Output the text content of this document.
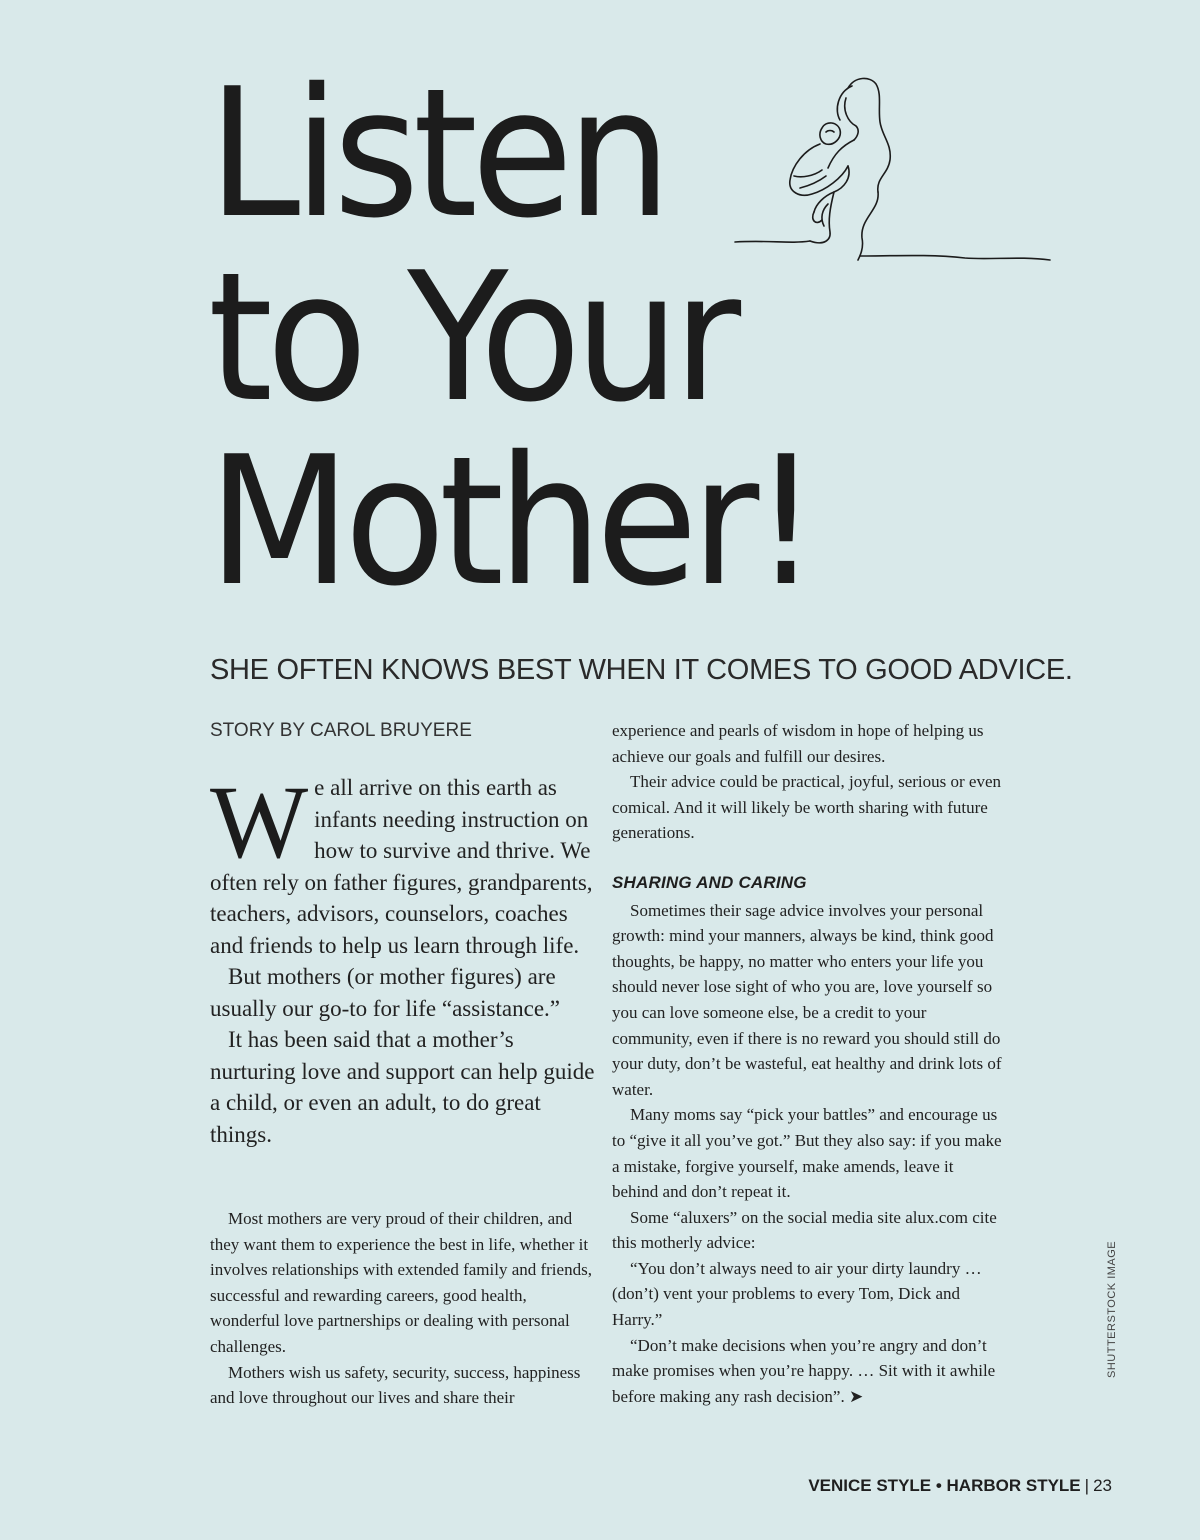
Listen
to Your
Mother!
SHE OFTEN KNOWS BEST WHEN IT COMES TO GOOD ADVICE.
STORY BY CAROL BRUYERE

We all arrive on this earth as infants needing instruction on how to survive and thrive. We often rely on father figures, grandparents, teachers, advisors, counselors, coaches and friends to help us learn through life.

But mothers (or mother figures) are usually our go-to for life “assistance.”

It has been said that a mother’s nurturing love and support can help guide a child, or even an adult, to do great things.

Most mothers are very proud of their children, and they want them to experience the best in life, whether it involves relationships with extended family and friends, successful and rewarding careers, good health, wonderful love partnerships or dealing with personal challenges.

Mothers wish us safety, security, success, happiness and love throughout our lives and share their

experience and pearls of wisdom in hope of helping us achieve our goals and fulfill our desires.

Their advice could be practical, joyful, serious or even comical. And it will likely be worth sharing with future generations.

SHARING AND CARING

Sometimes their sage advice involves your personal growth: mind your manners, always be kind, think good thoughts, be happy, no matter who enters your life you should never lose sight of who you are, love yourself so you can love someone else, be a credit to your community, even if there is no reward you should still do your duty, don’t be wasteful, eat healthy and drink lots of water.

Many moms say “pick your battles” and encourage us to “give it all you’ve got.” But they also say: if you make a mistake, forgive yourself, make amends, leave it behind and don’t repeat it.

Some “aluxers” on the social media site alux.com cite this motherly advice:

“You don’t always need to air your dirty laundry … (don’t) vent your problems to every Tom, Dick and Harry.”

“Don’t make decisions when you’re angry and don’t make promises when you’re happy. … Sit with it awhile before making any rash decision”. ➤

SHUTTERSTOCK IMAGE
VENICE STYLE • HARBOR STYLE | 23
